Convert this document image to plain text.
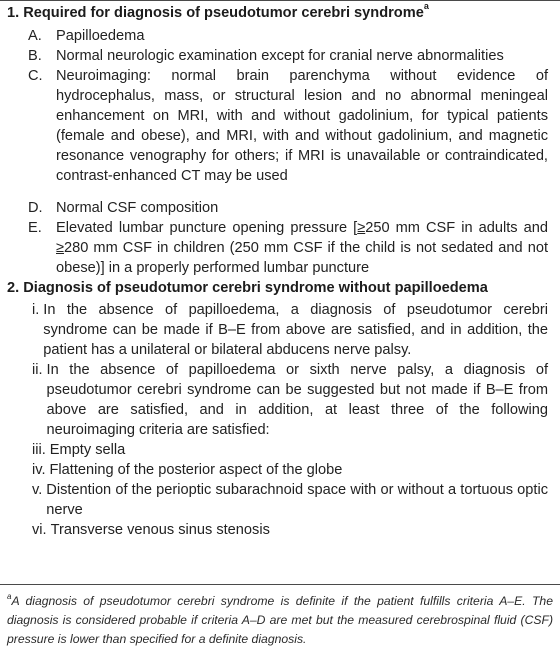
1. Required for diagnosis of pseudotumor cerebri syndrome$^a$
A. Papilloedema
B. Normal neurologic examination except for cranial nerve abnormalities
C. Neuroimaging: normal brain parenchyma without evidence of hydrocephalus, mass, or structural lesion and no abnormal meningeal enhancement on MRI, with and without gadolinium, for typical patients (female and obese), and MRI, with and without gadolinium, and magnetic resonance venography for others; if MRI is unavailable or contraindicated, contrast-enhanced CT may be used
D. Normal CSF composition
E. Elevated lumbar puncture opening pressure [≥250 mm CSF in adults and ≥280 mm CSF in children (250 mm CSF if the child is not sedated and not obese)] in a properly performed lumbar puncture
2. Diagnosis of pseudotumor cerebri syndrome without papilloedema
i. In the absence of papilloedema, a diagnosis of pseudotumor cerebri syndrome can be made if B–E from above are satisfied, and in addition, the patient has a unilateral or bilateral abducens nerve palsy.
ii. In the absence of papilloedema or sixth nerve palsy, a diagnosis of pseudotumor cerebri syndrome can be suggested but not made if B–E from above are satisfied, and in addition, at least three of the following neuroimaging criteria are satisfied:
iii. Empty sella
iv. Flattening of the posterior aspect of the globe
v. Distention of the perioptic subarachnoid space with or without a tortuous optic nerve
vi. Transverse venous sinus stenosis
$^a$A diagnosis of pseudotumor cerebri syndrome is definite if the patient fulfills criteria A–E. The diagnosis is considered probable if criteria A–D are met but the measured cerebrospinal fluid (CSF) pressure is lower than specified for a definite diagnosis.
